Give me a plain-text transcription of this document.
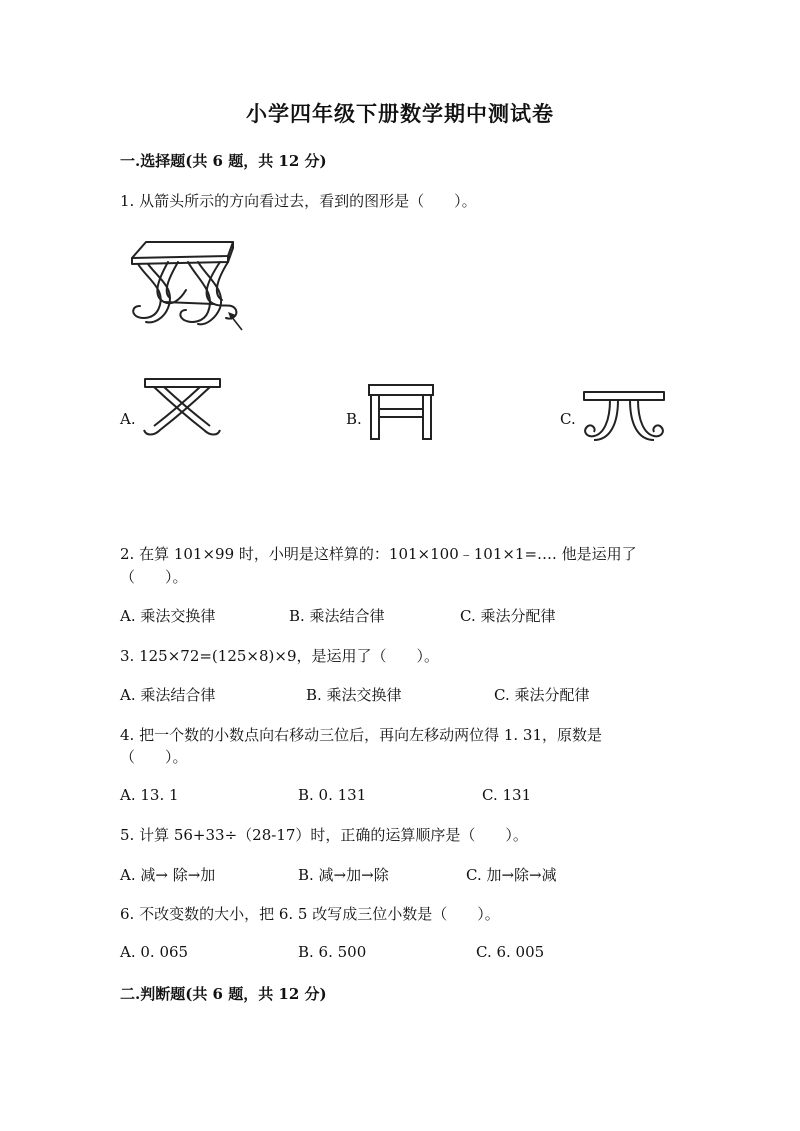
小学四年级下册数学期中测试卷
一.选择题(共 6 题，共 12 分)
1. 从箭头所示的方向看过去，看到的图形是（　　）。
A.	B.	C.
2. 在算 101×99 时，小明是这样算的：101×100﹣101×1=…. 他是运用了
（　　）。
A. 乘法交换律	B. 乘法结合律	C. 乘法分配律
3. 125×72=(125×8)×9，是运用了（　　）。
A. 乘法结合律	B. 乘法交换律	C. 乘法分配律
4. 把一个数的小数点向右移动三位后，再向左移动两位得 1. 31，原数是
（　　）。
A. 13. 1	B. 0. 131	C. 131
5. 计算 56+33÷（28-17）时，正确的运算顺序是（　　）。
A. 减→ 除→加	B. 减→加→除	C. 加→除→减
6. 不改变数的大小，把 6. 5 改写成三位小数是（　　）。
A. 0. 065	B. 6. 500	C. 6. 005
二.判断题(共 6 题，共 12 分)
